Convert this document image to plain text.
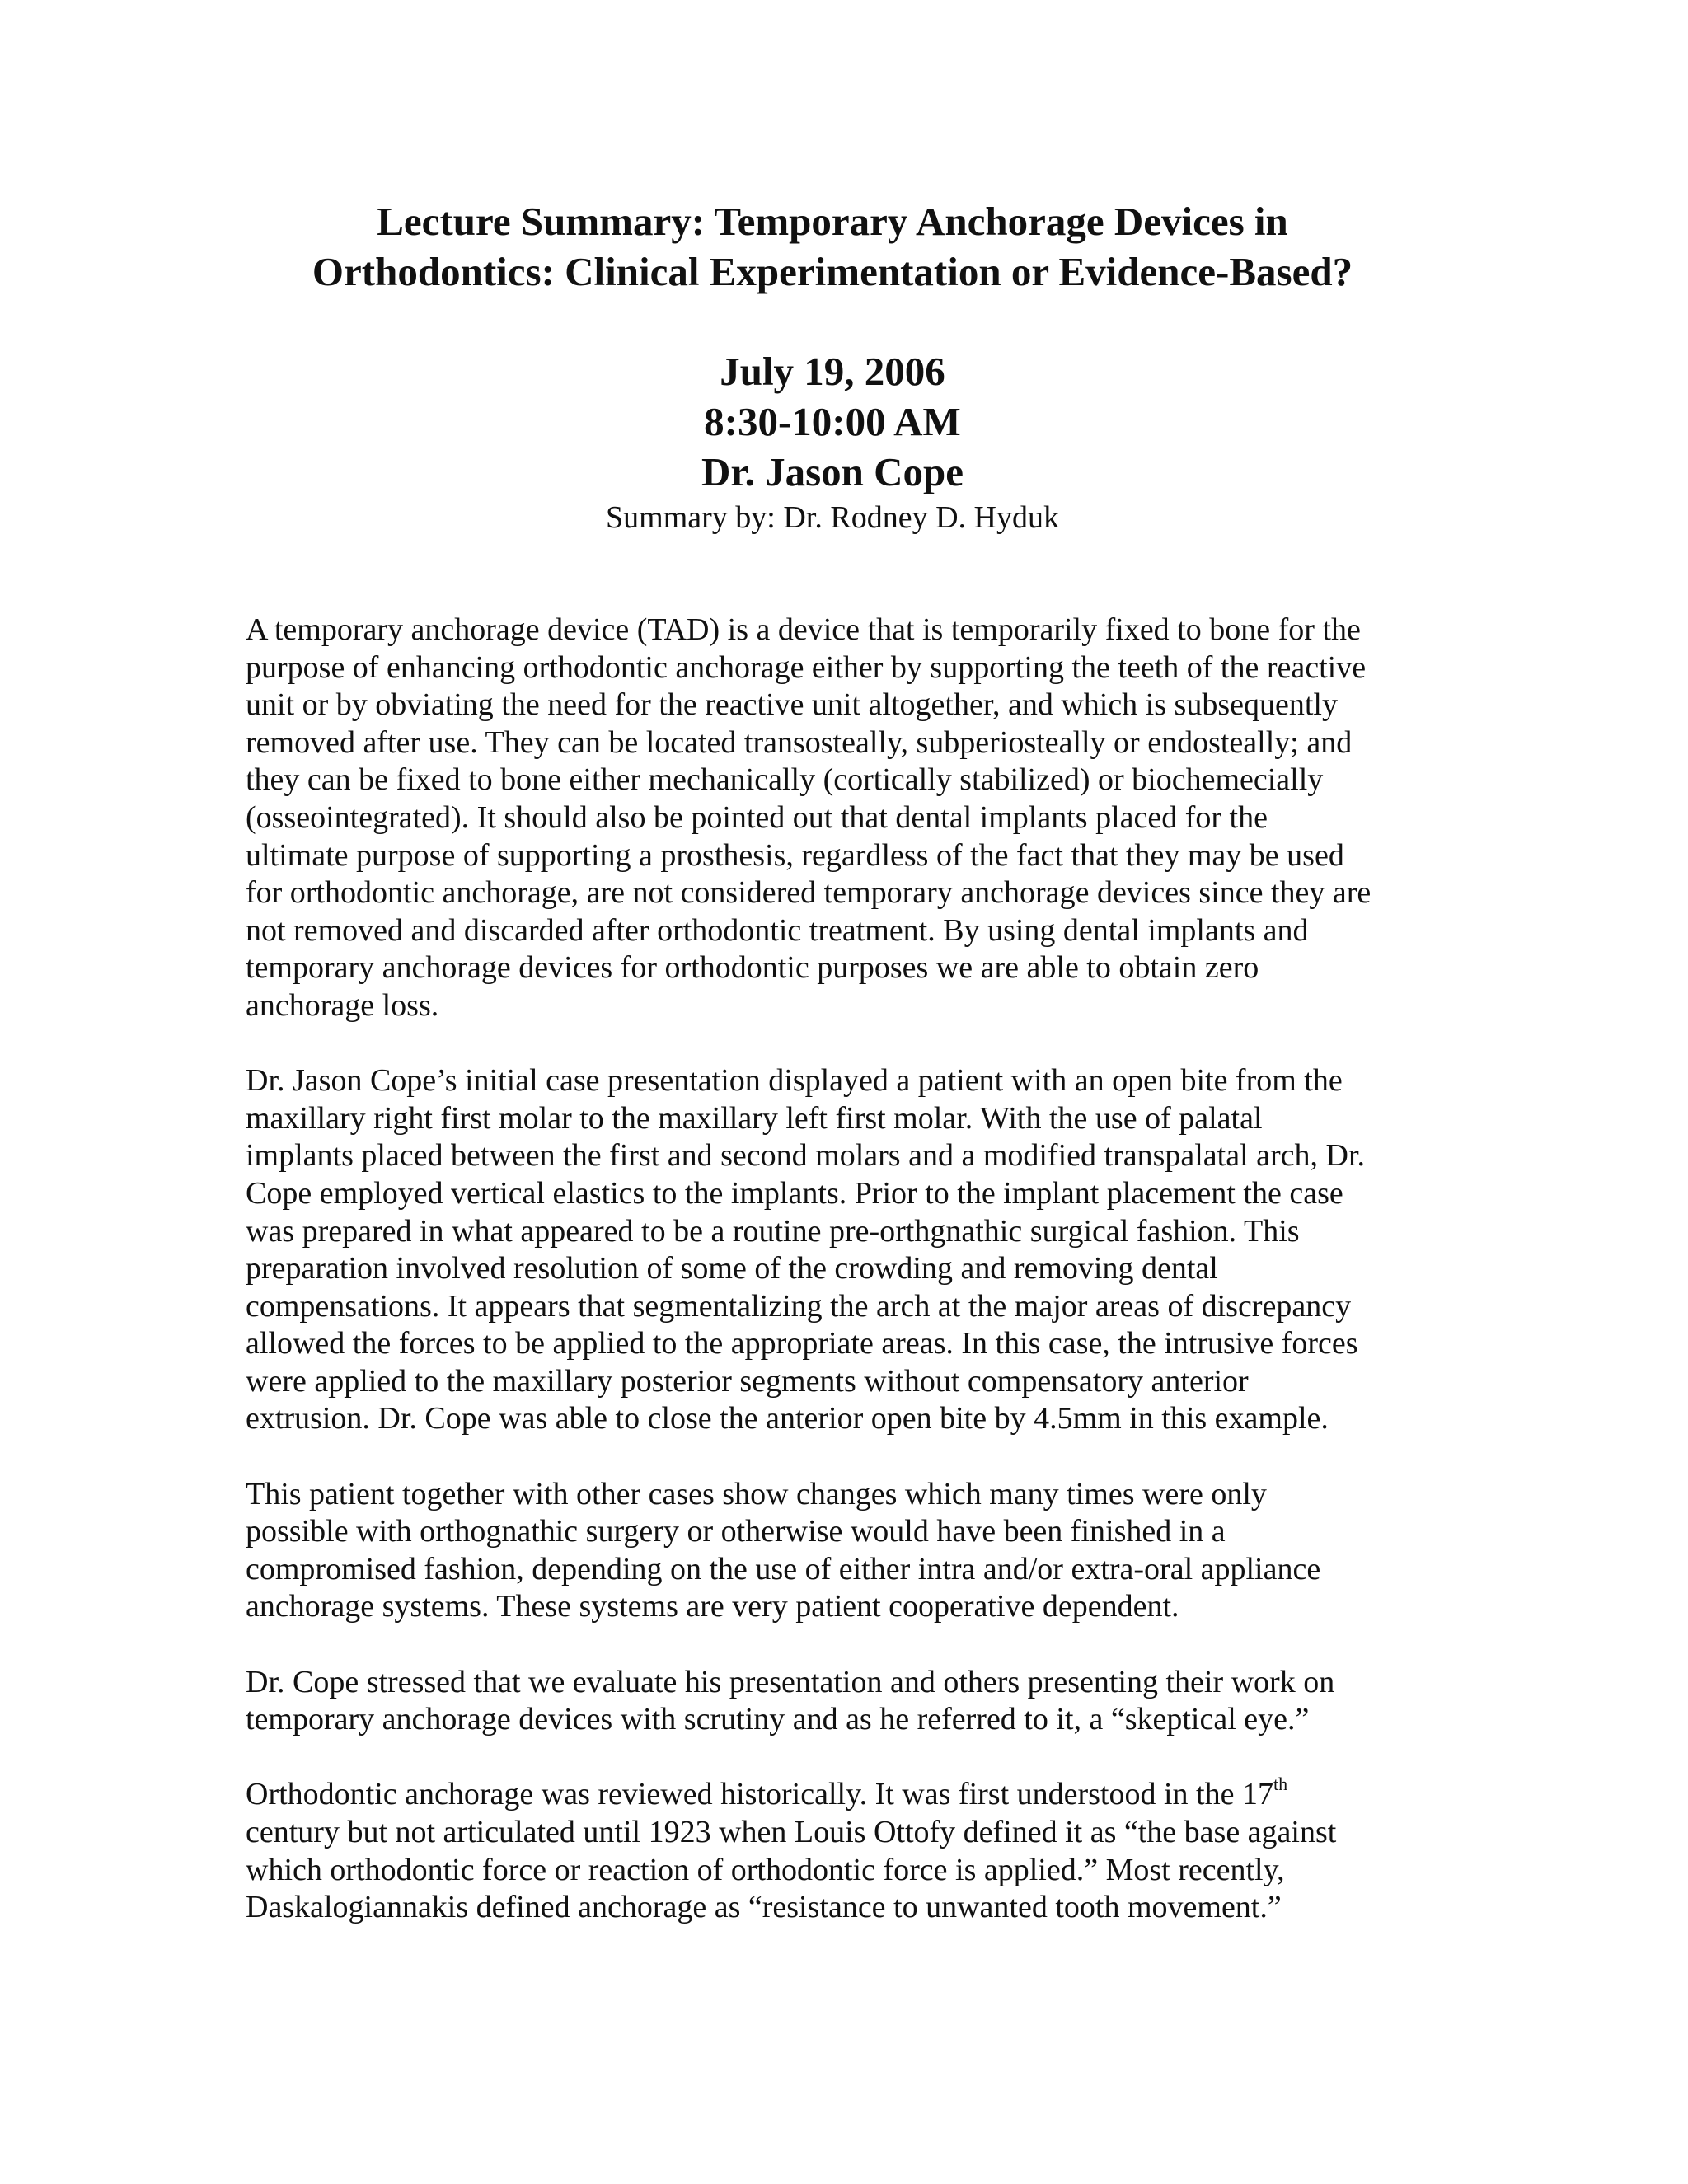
Lecture Summary: Temporary Anchorage Devices in
Orthodontics: Clinical Experimentation or Evidence-Based?
July 19, 2006
8:30-10:00 AM
Dr. Jason Cope
Summary by: Dr. Rodney D. Hyduk
A temporary anchorage device (TAD) is a device that is temporarily fixed to bone for the
purpose of enhancing orthodontic anchorage either by supporting the teeth of the reactive
unit or by obviating the need for the reactive unit altogether, and which is subsequently
removed after use. They can be located transosteally, subperiosteally or endosteally; and
they can be fixed to bone either mechanically (cortically stabilized) or biochemecially
(osseointegrated). It should also be pointed out that dental implants placed for the
ultimate purpose of supporting a prosthesis, regardless of the fact that they may be used
for orthodontic anchorage, are not considered temporary anchorage devices since they are
not removed and discarded after orthodontic treatment. By using dental implants and
temporary anchorage devices for orthodontic purposes we are able to obtain zero
anchorage loss.
Dr. Jason Cope’s initial case presentation displayed a patient with an open bite from the
maxillary right first molar to the maxillary left first molar. With the use of palatal
implants placed between the first and second molars and a modified transpalatal arch, Dr.
Cope employed vertical elastics to the implants. Prior to the implant placement the case
was prepared in what appeared to be a routine pre-orthgnathic surgical fashion. This
preparation involved resolution of some of the crowding and removing dental
compensations. It appears that segmentalizing the arch at the major areas of discrepancy
allowed the forces to be applied to the appropriate areas. In this case, the intrusive forces
were applied to the maxillary posterior segments without compensatory anterior
extrusion. Dr. Cope was able to close the anterior open bite by 4.5mm in this example.
This patient together with other cases show changes which many times were only
possible with orthognathic surgery or otherwise would have been finished in a
compromised fashion, depending on the use of either intra and/or extra-oral appliance
anchorage systems. These systems are very patient cooperative dependent.
Dr. Cope stressed that we evaluate his presentation and others presenting their work on
temporary anchorage devices with scrutiny and as he referred to it, a “skeptical eye.”
Orthodontic anchorage was reviewed historically. It was first understood in the 17th
century but not articulated until 1923 when Louis Ottofy defined it as “the base against
which orthodontic force or reaction of orthodontic force is applied.” Most recently,
Daskalogiannakis defined anchorage as “resistance to unwanted tooth movement.”
